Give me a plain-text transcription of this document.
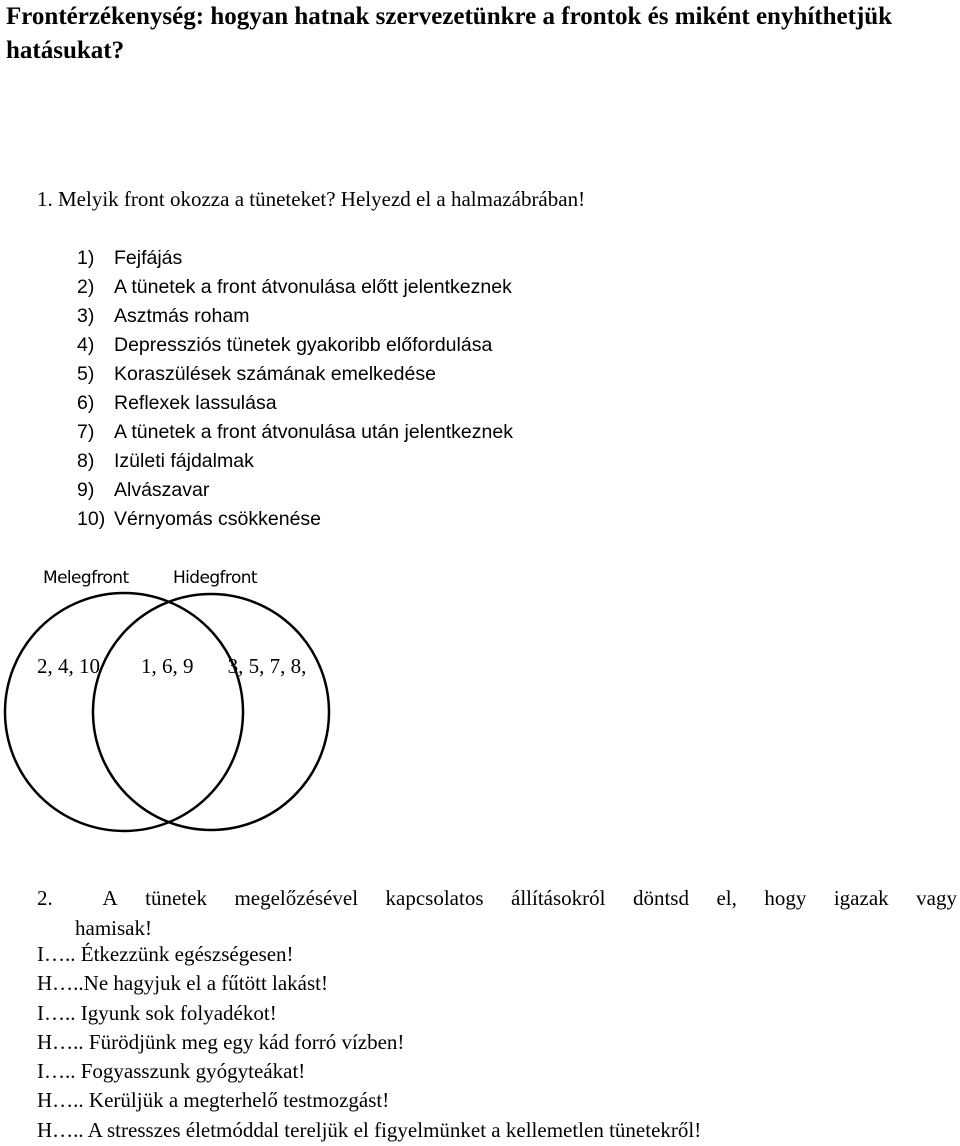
Frontérzékenység: hogyan hatnak szervezetünkre a frontok és miként enyhíthetjük hatásukat?
1. Melyik front okozza a tüneteket? Helyezd el a halmazábrában!
1)	Fejfájás
2)	A tünetek a front átvonulása előtt jelentkeznek
3)	Asztmás roham
4)	Depressziós tünetek gyakoribb előfordulása
5)	Koraszülések számának emelkedése
6)	Reflexek lassulása
7)	A tünetek a front átvonulása után jelentkeznek
8)	Izületi fájdalmak
9)	Alvászavar
10) Vérnyomás csökkenése
Melegfront	Hidegfront
2, 4, 10 1, 6, 9 3, 5, 7, 8,
2.	A tünetek megelőzésével kapcsolatos állításokról döntsd el, hogy igazak vagy
hamisak!
I….. Étkezzünk egészségesen!
H…..Ne hagyjuk el a fűtött lakást!
I….. Igyunk sok folyadékot!
H….. Fürödjünk meg egy kád forró vízben!
I….. Fogyasszunk gyógyteákat!
H….. Kerüljük a megterhelő testmozgást!
H….. A stresszes életmóddal tereljük el figyelmünket a kellemetlen tünetekről!
